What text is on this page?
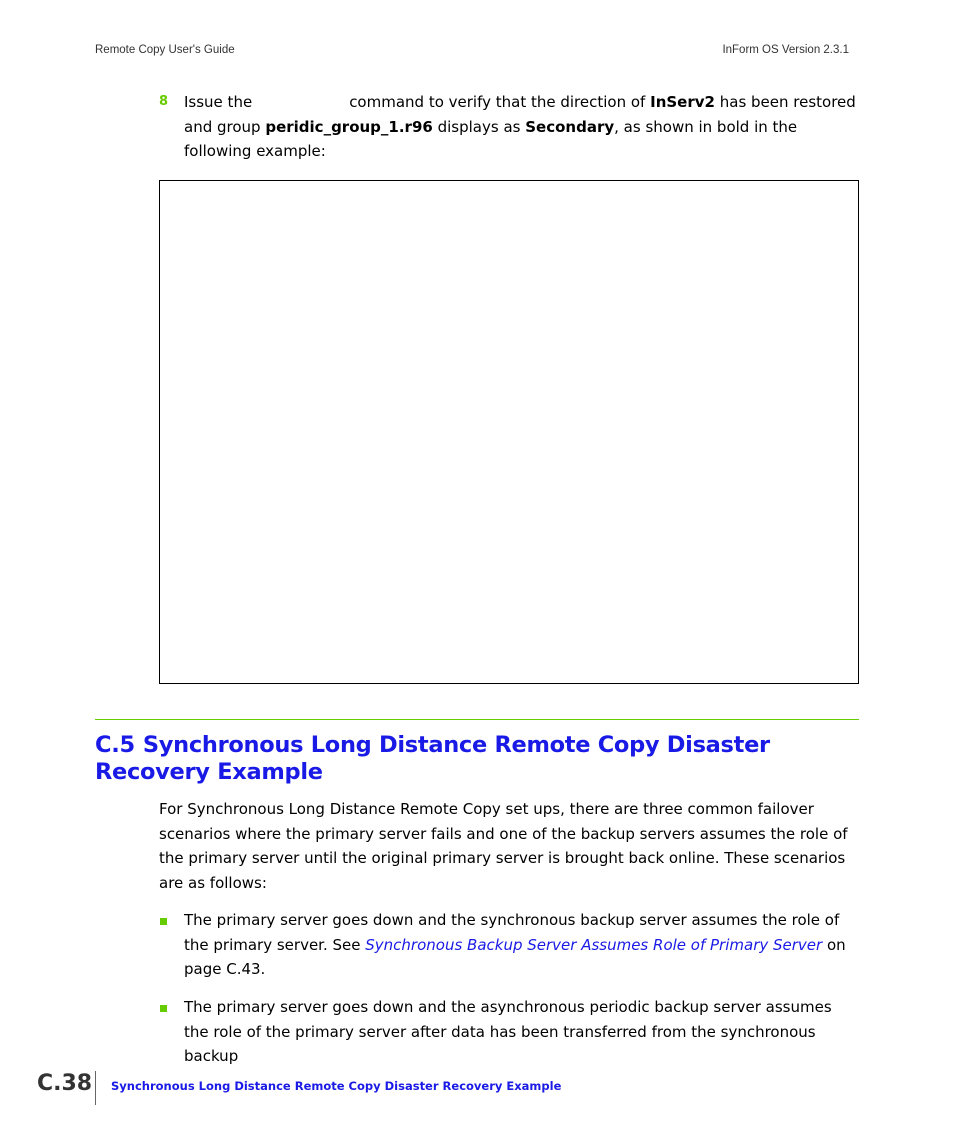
Remote Copy User's Guide	InForm OS Version 2.3.1
8 Issue the	command to verify that the direction of InServ2 has been restored and group peridic_group_1.r96 displays as Secondary, as shown in bold in the following example:
C.5 Synchronous Long Distance Remote Copy Disaster Recovery Example

For Synchronous Long Distance Remote Copy set ups, there are three common failover scenarios where the primary server fails and one of the backup servers assumes the role of the primary server until the original primary server is brought back online. These scenarios are as follows:

The primary server goes down and the synchronous backup server assumes the role of the primary server. See Synchronous Backup Server Assumes Role of Primary Server on page C.43.
The primary server goes down and the asynchronous periodic backup server assumes the role of the primary server after data has been transferred from the synchronous backup
C.38 Synchronous Long Distance Remote Copy Disaster Recovery Example
